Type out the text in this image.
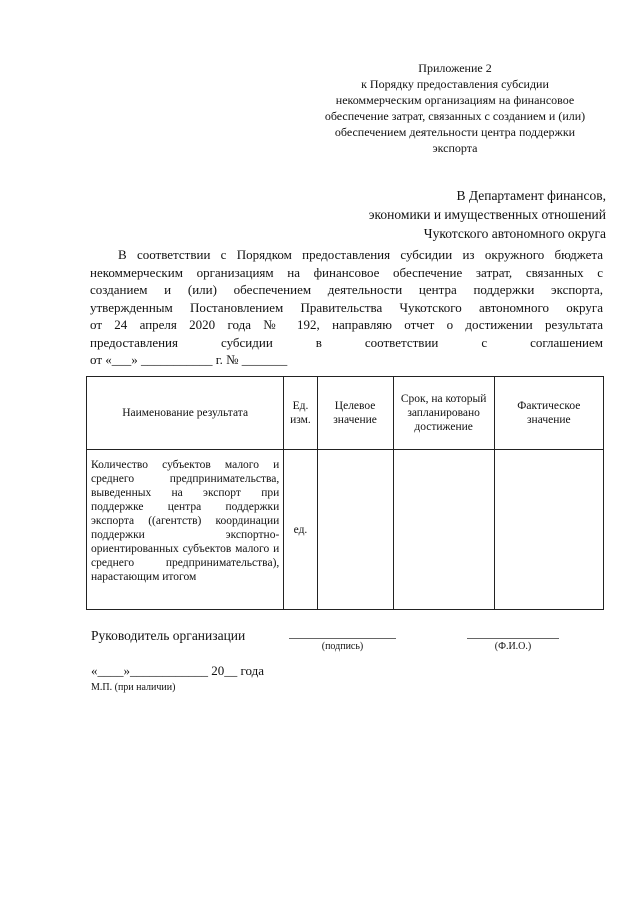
Приложение 2
к Порядку предоставления субсидии
некоммерческим организациям на финансовое
обеспечение затрат, связанных с созданием и (или)
обеспечением деятельности центра поддержки
экспорта
В Департамент финансов,
экономики и имущественных отношений
Чукотского автономного округа
В соответствии с Порядком предоставления субсидии из окружного бюджета
некоммерческим организациям на финансовое обеспечение затрат, связанных с
созданием и (или) обеспечением деятельности центра поддержки экспорта,
утвержденным Постановлением Правительства Чукотского автономного округа
от 24 апреля 2020 года № 192, направляю отчет о достижении результата
предоставления субсидии в соответствии с соглашением
от «___» ___________ г. № _______
Наименование результата	Ед. изм.	Целевое значение	Срок, на который запланировано достижение	Фактическое значение
Количество субъектов малого и среднего предпринимательства, выведенных на экспорт при поддержке центра поддержки экспорта ((агентств) координации поддержки экспортно-ориентированных субъектов малого и среднего предпринимательства), нарастающим итогом	ед.			
Руководитель организации
(подпись)	(Ф.И.О.)
«____»____________ 20__ года
М.П. (при наличии)
